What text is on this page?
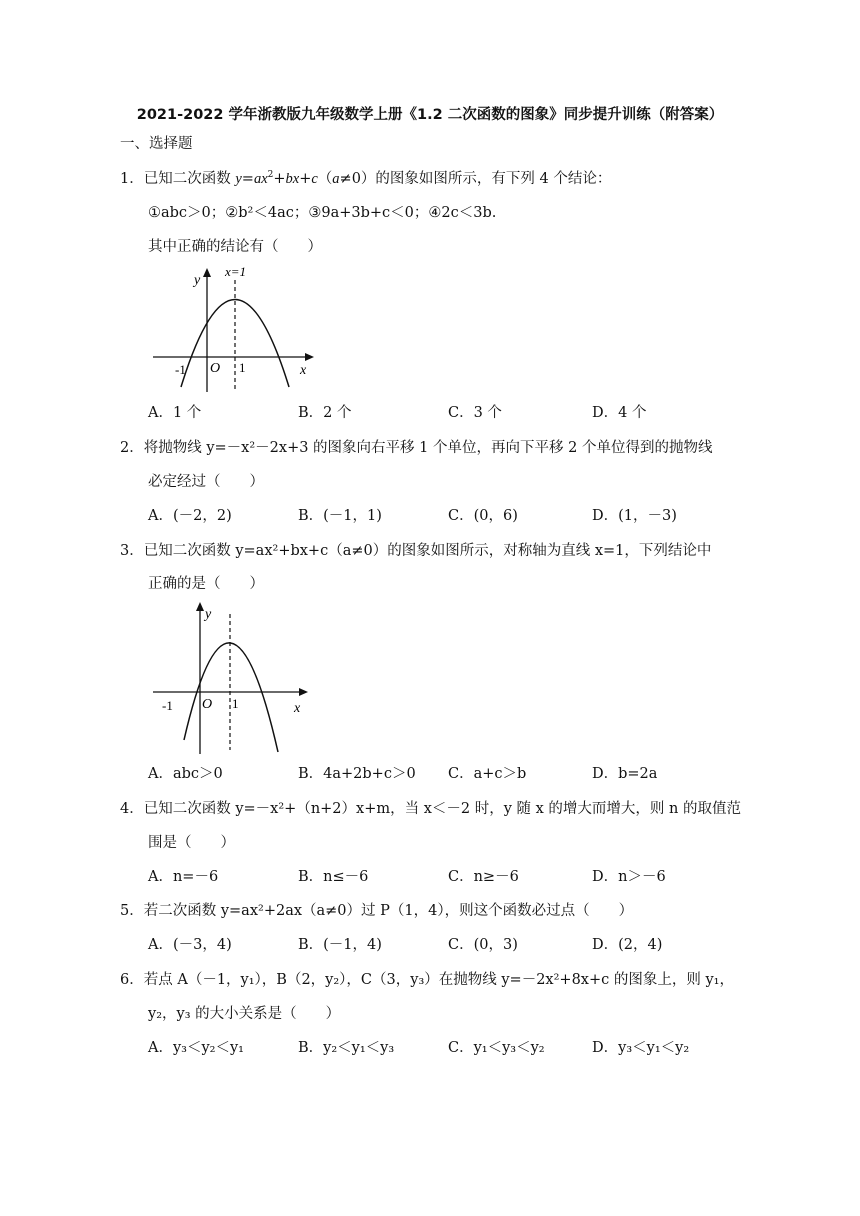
2021-2022 学年浙教版九年级数学上册《1.2 二次函数的图象》同步提升训练（附答案）
一、选择题
1．已知二次函数 $y=ax^2+bx+c(a\ne 0)$的图象如图所示，有下列 4 个结论：
①abc＞0；②b²＜4ac；③9a+3b+c＜0；④2c＜3b.
其中正确的结论有（　　）
y
x=1
-1 O 1	x
A．1 个	B．2 个	C．3 个	D．4 个
2．将抛物线 y=－x²－2x+3 的图象向右平移 1 个单位，再向下平移 2 个单位得到的抛物线
必定经过（　　）
A．(－2，2)	B．(－1，1)	C．(0，6)	D．(1，－3)
3．已知二次函数 y=ax²+bx+c（a≠0）的图象如图所示，对称轴为直线 x=1，下列结论中
正确的是（　　）
y
-1 O 1	x
A．abc＞0	B．4a+2b+c＞0 C．a+c＞b	D．b=2a
4．已知二次函数 y=－x²+（n+2）x+m，当 x＜－2 时，y 随 x 的增大而增大，则 n 的取值范
围是（　　）
A．n=－6	B．n≤－6	C．n≥－6	D．n＞－6
5．若二次函数 y=ax²+2ax（a≠0）过 P（1，4），则这个函数必过点（　　）
A．(－3，4)	B．(－1，4)	C．(0，3)	D．(2，4)
6．若点 A（－1，y₁），B（2，y₂），C（3，y₃）在抛物线 y=－2x²+8x+c 的图象上，则 y₁，
y₂，y₃ 的大小关系是（　　）
A．y₃＜y₂＜y₁	B．y₂＜y₁＜y₃	C．y₁＜y₃＜y₂	D．y₃＜y₁＜y₂
